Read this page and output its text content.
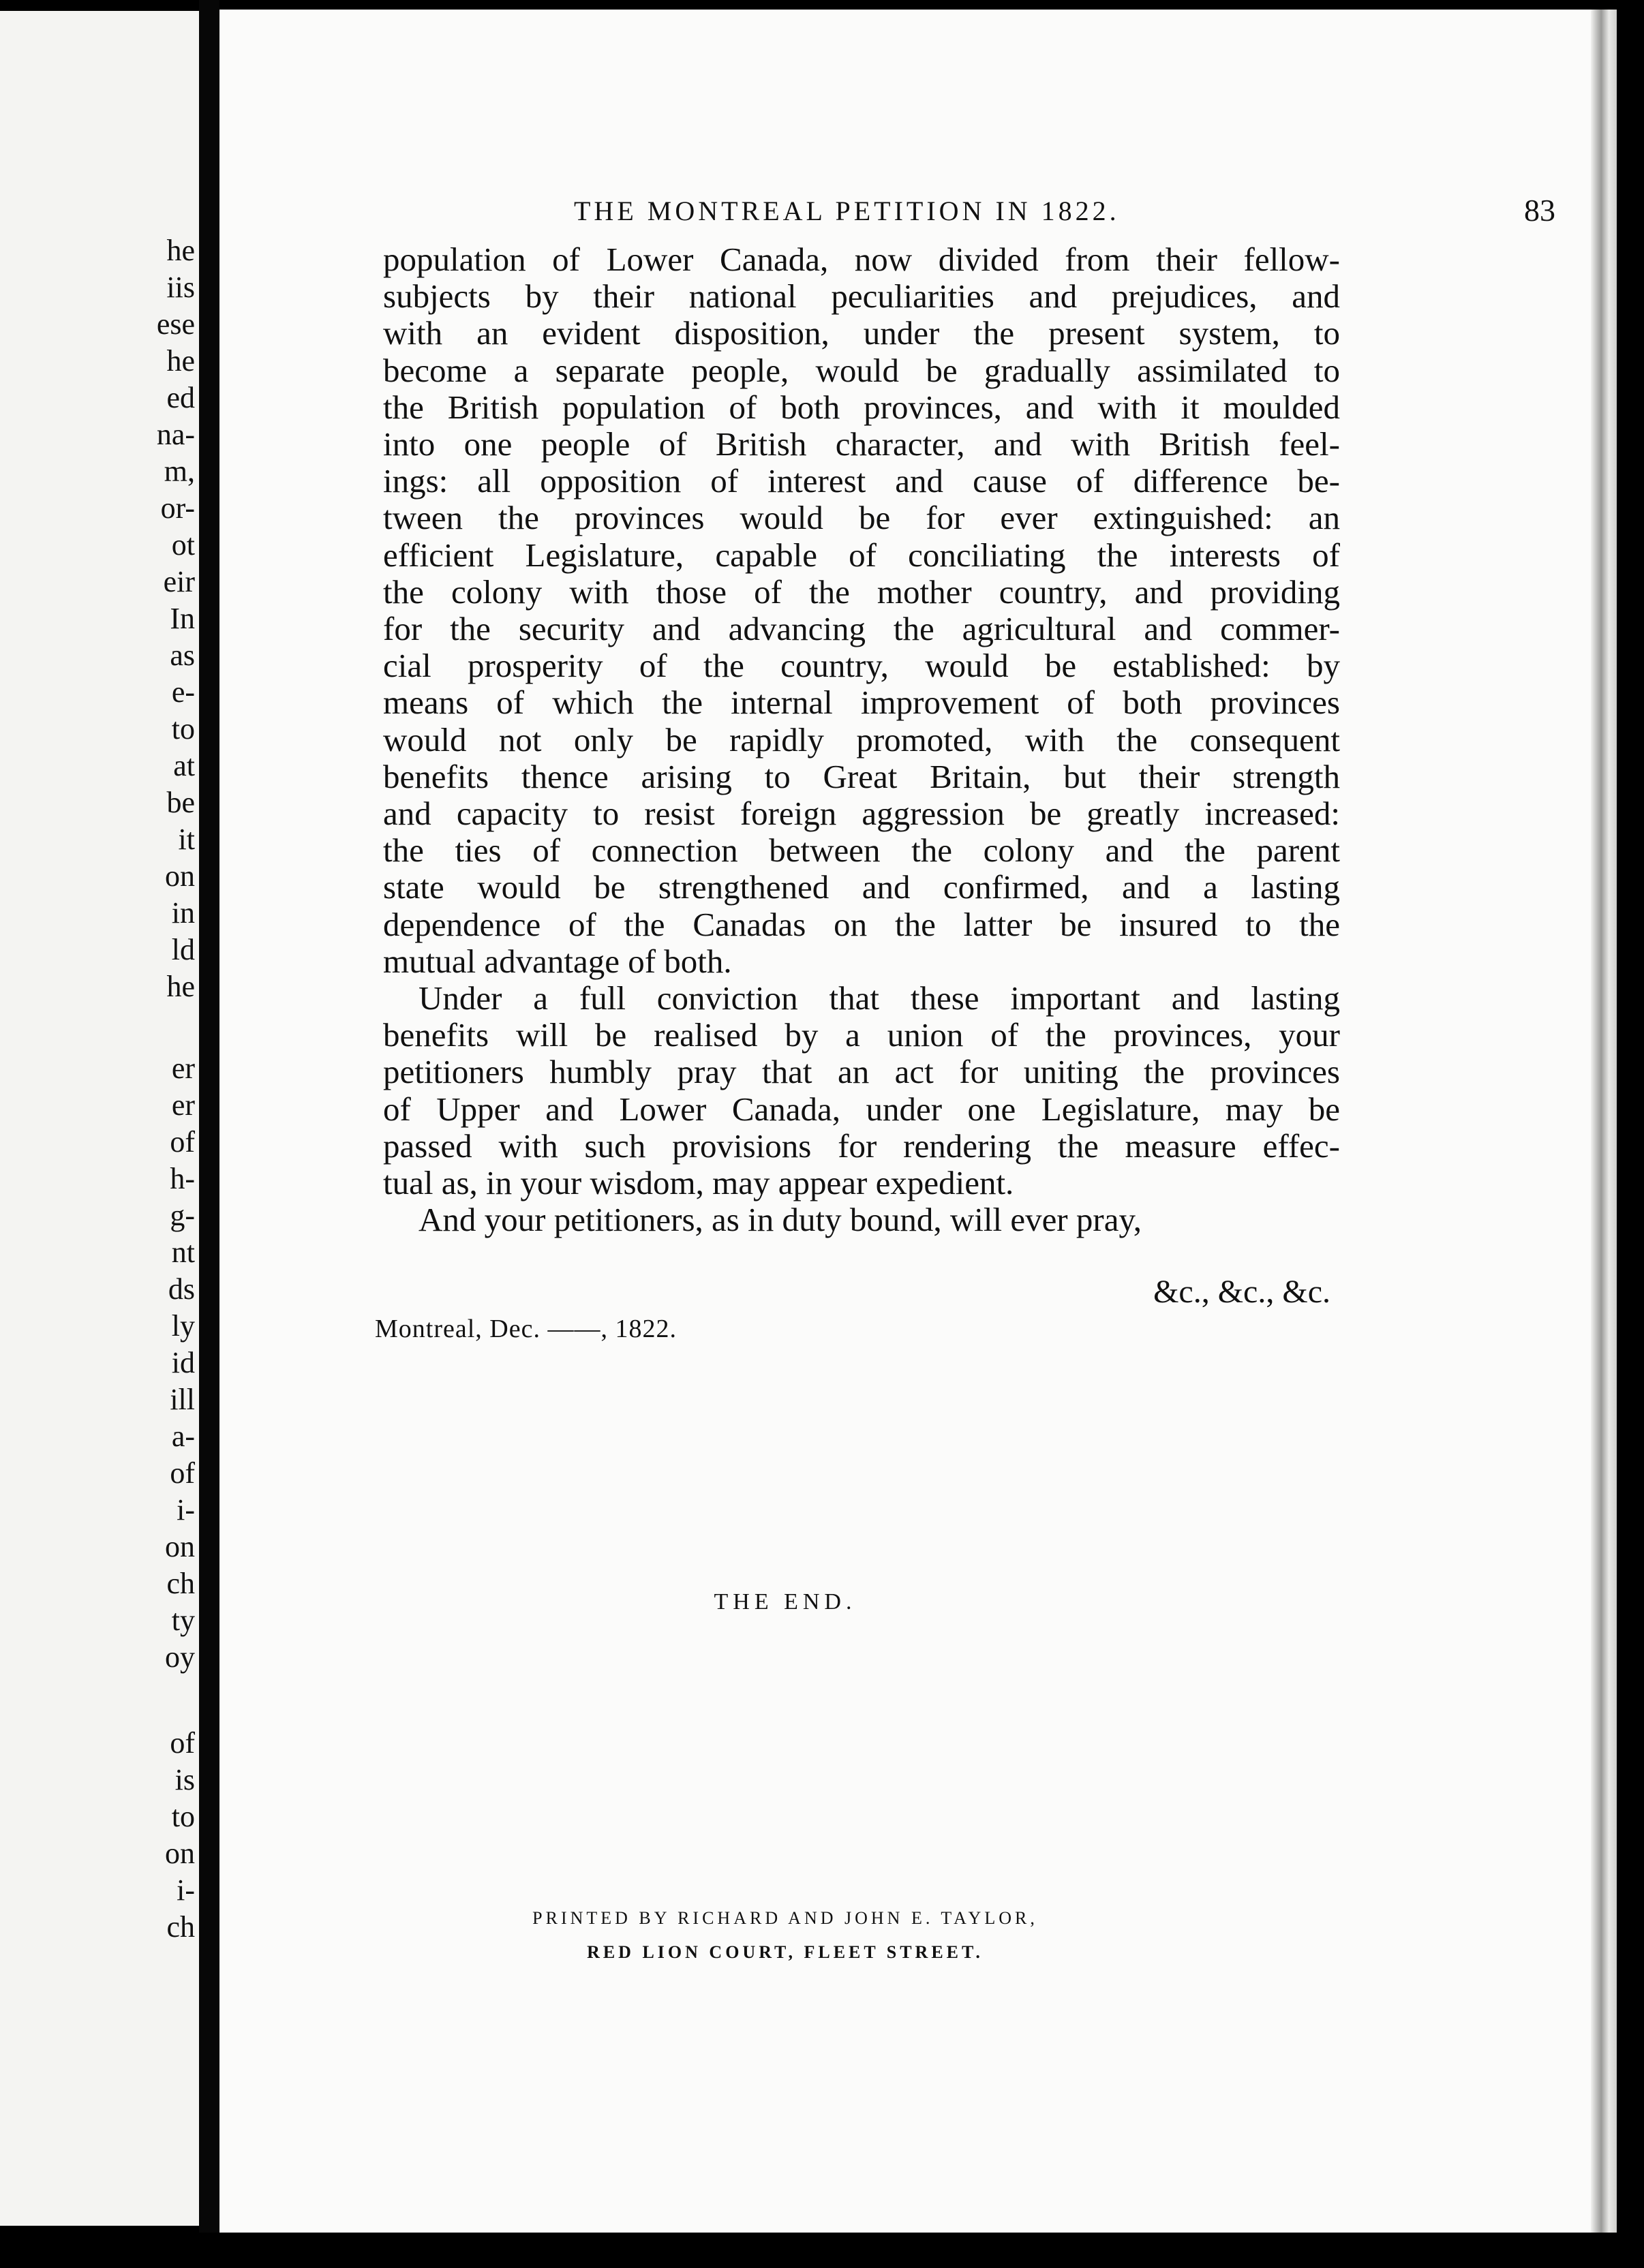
he
iis
ese
he
ed
na-
m,
or-
ot
eir
In
as
e-
to
at
be
it
on
in
ld
he
er
er
of
h-
g-
nt
ds
ly
id
ill
a-
of
i-
on
ch
ty
oy
of
is
to
on
i-
ch
THE MONTREAL PETITION IN 1822.	83
population of Lower Canada, now divided from their fellow-
subjects by their national peculiarities and prejudices, and
with an evident disposition, under the present system, to
become a separate people, would be gradually assimilated to
the British population of both provinces, and with it moulded
into one people of British character, and with British feel-
ings: all opposition of interest and cause of difference be-
tween the provinces would be for ever extinguished: an
efficient Legislature, capable of conciliating the interests of
the colony with those of the mother country, and providing
for the security and advancing the agricultural and commer-
cial prosperity of the country, would be established: by
means of which the internal improvement of both provinces
would not only be rapidly promoted, with the consequent
benefits thence arising to Great Britain, but their strength
and capacity to resist foreign aggression be greatly increased:
the ties of connection between the colony and the parent
state would be strengthened and confirmed, and a lasting
dependence of the Canadas on the latter be insured to the
mutual advantage of both.
Under a full conviction that these important and lasting
benefits will be realised by a union of the provinces, your
petitioners humbly pray that an act for uniting the provinces
of Upper and Lower Canada, under one Legislature, may be
passed with such provisions for rendering the measure effec-
tual as, in your wisdom, may appear expedient.
And your petitioners, as in duty bound, will ever pray,
&c., &c., &c.
Montreal, Dec. ——, 1822.
THE END.
PRINTED BY RICHARD AND JOHN E. TAYLOR,
RED LION COURT, FLEET STREET.
